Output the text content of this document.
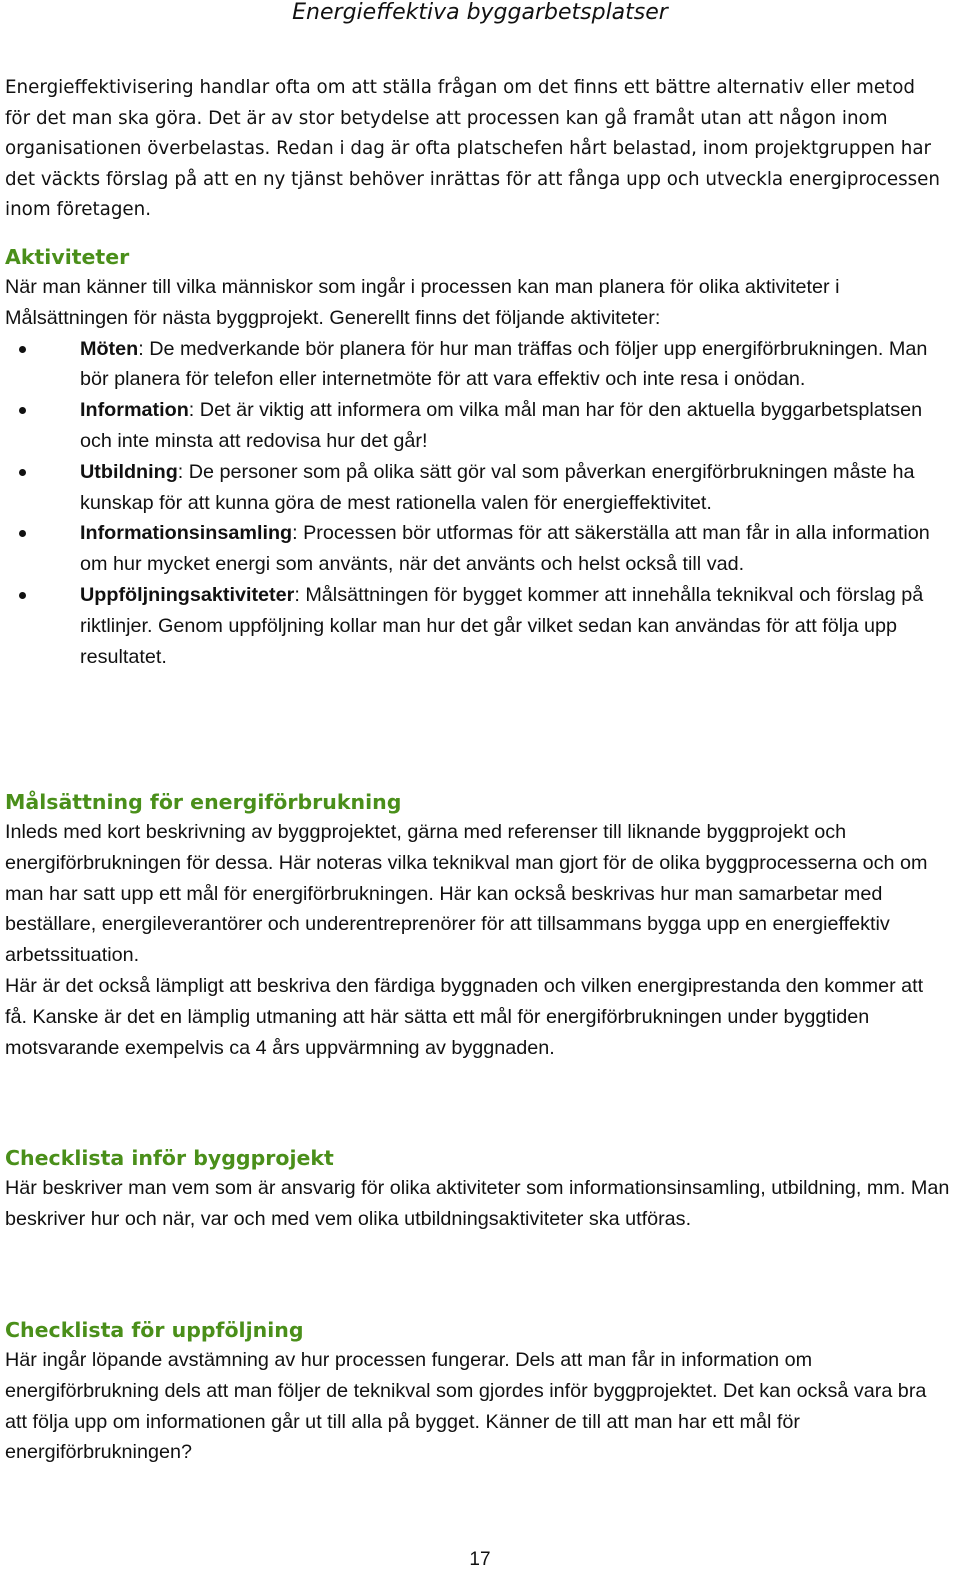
Energieffektiva byggarbetsplatser

Energieffektivisering handlar ofta om att ställa frågan om det finns ett bättre alternativ eller metod för det man ska göra. Det är av stor betydelse att processen kan gå framåt utan att någon inom organisationen överbelastas. Redan i dag är ofta platschefen hårt belastad, inom projektgruppen har det väckts förslag på att en ny tjänst behöver inrättas för att fånga upp och utveckla energiprocessen inom företagen.

Aktiviteter

När man känner till vilka människor som ingår i processen kan man planera för olika aktiviteter i Målsättningen för nästa byggprojekt. Generellt finns det följande aktiviteter:

Möten: De medverkande bör planera för hur man träffas och följer upp energiförbrukningen. Man bör planera för telefon eller internetmöte för att vara effektiv och inte resa i onödan.
Information: Det är viktig att informera om vilka mål man har för den aktuella byggarbetsplatsen och inte minsta att redovisa hur det går!
Utbildning: De personer som på olika sätt gör val som påverkan energiförbrukningen måste ha kunskap för att kunna göra de mest rationella valen för energieffektivitet.
Informationsinsamling: Processen bör utformas för att säkerställa att man får in alla information om hur mycket energi som använts, när det använts och helst också till vad.
Uppföljningsaktiviteter: Målsättningen för bygget kommer att innehålla teknikval och förslag på riktlinjer. Genom uppföljning kollar man hur det går vilket sedan kan användas för att följa upp resultatet.
Målsättning för energiförbrukning

Inleds med kort beskrivning av byggprojektet, gärna med referenser till liknande byggprojekt och energiförbrukningen för dessa. Här noteras vilka teknikval man gjort för de olika byggprocesserna och om man har satt upp ett mål för energiförbrukningen. Här kan också beskrivas hur man samarbetar med beställare, energileverantörer och underentreprenörer för att tillsammans bygga upp en energieffektiv arbetssituation.

Här är det också lämpligt att beskriva den färdiga byggnaden och vilken energiprestanda den kommer att få. Kanske är det en lämplig utmaning att här sätta ett mål för energiförbrukningen under byggtiden motsvarande exempelvis ca 4 års uppvärmning av byggnaden.

Checklista inför byggprojekt

Här beskriver man vem som är ansvarig för olika aktiviteter som informationsinsamling, utbildning, mm. Man beskriver hur och när, var och med vem olika utbildningsaktiviteter ska utföras.

Checklista för uppföljning

Här ingår löpande avstämning av hur processen fungerar. Dels att man får in information om energiförbrukning dels att man följer de teknikval som gjordes inför byggprojektet. Det kan också vara bra att följa upp om informationen går ut till alla på bygget. Känner de till att man har ett mål för energiförbrukningen?

17
